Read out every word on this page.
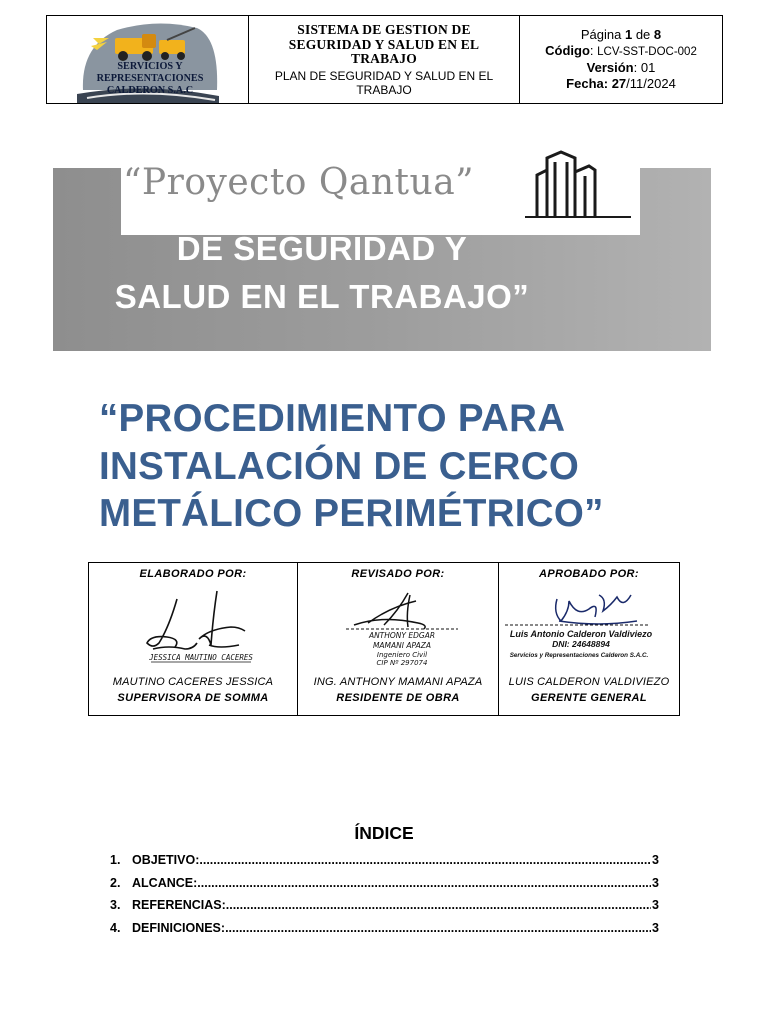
SERVICIOS Y
REPRESENTACIONES
CALDERON S.A.C
SISTEMA DE GESTION DE
SEGURIDAD Y SALUD EN EL
TRABAJO
PLAN DE SEGURIDAD Y SALUD EN EL
TRABAJO
Página 1 de 8
Código: LCV-SST-DOC-002
Versión: 01
Fecha: 27/11/2024
“Proyecto Qantua”
DE SEGURIDAD Y
SALUD EN EL TRABAJO”
“PROCEDIMIENTO PARA
INSTALACIÓN DE CERCO
METÁLICO PERIMÉTRICO”
ELABORADO POR:
JESSICA MAUTINO CACERES
MAUTINO CACERES JESSICA
SUPERVISORA DE SOMMA
REVISADO POR:
ANTHONY EDGAR
MAMANI APAZA
Ingeniero Civil
CIP Nº 297074
ING. ANTHONY MAMANI APAZA
RESIDENTE DE OBRA
APROBADO POR:
Luis Antonio Calderon Valdiviezo
DNI: 24648894
Servicios y Representaciones Calderon S.A.C.
LUIS CALDERON VALDIVIEZO
GERENTE GENERAL
ÍNDICE
1. OBJETIVO: .....	3
2. ALCANCE: .....	3
3. REFERENCIAS: .....	3
4. DEFINICIONES: .....	3
